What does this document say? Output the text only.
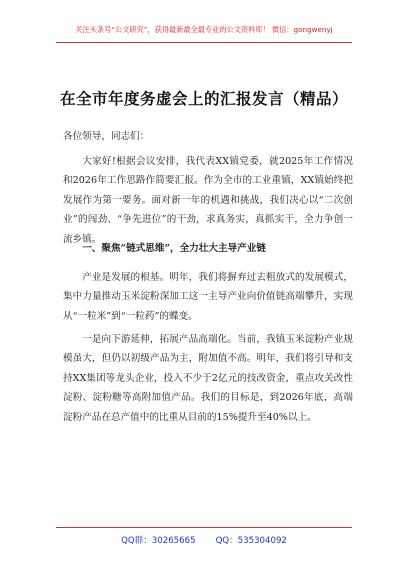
关注头条号“公文研究”，获得最新最全最专业的公文资料库！ 微信：gongwenyj
在全市年度务虚会上的汇报发言（精品）
各位领导，同志们：

大家好!根据会议安排，我代表XX镇党委，就2025年工作情况和2026年工作思路作简要汇报。作为全市的工业重镇，XX镇始终把发展作为第一要务。面对新一年的机遇和挑战，我们决心以“二次创业”的闯劲、“争先进位”的干劲，求真务实，真抓实干，全力争创一流乡镇。

一、聚焦“链式思维”，全力壮大主导产业链

产业是发展的根基。明年，我们将摒弃过去粗放式的发展模式，集中力量推动玉米淀粉深加工这一主导产业向价值链高端攀升，实现从“一粒米”到“一粒药”的蝶变。

一是向下游延伸，拓展产品高端化。当前，我镇玉米淀粉产业规模虽大，但仍以初级产品为主，附加值不高。明年，我们将引导和支持XX集团等龙头企业，投入不少于2亿元的技改资金，重点攻关改性淀粉、淀粉糖等高附加值产品。我们的目标是，到2026年底，高端淀粉产品在总产值中的比重从目前的15%提升至40%以上。

QQ群：30265665 QQ：535304092
